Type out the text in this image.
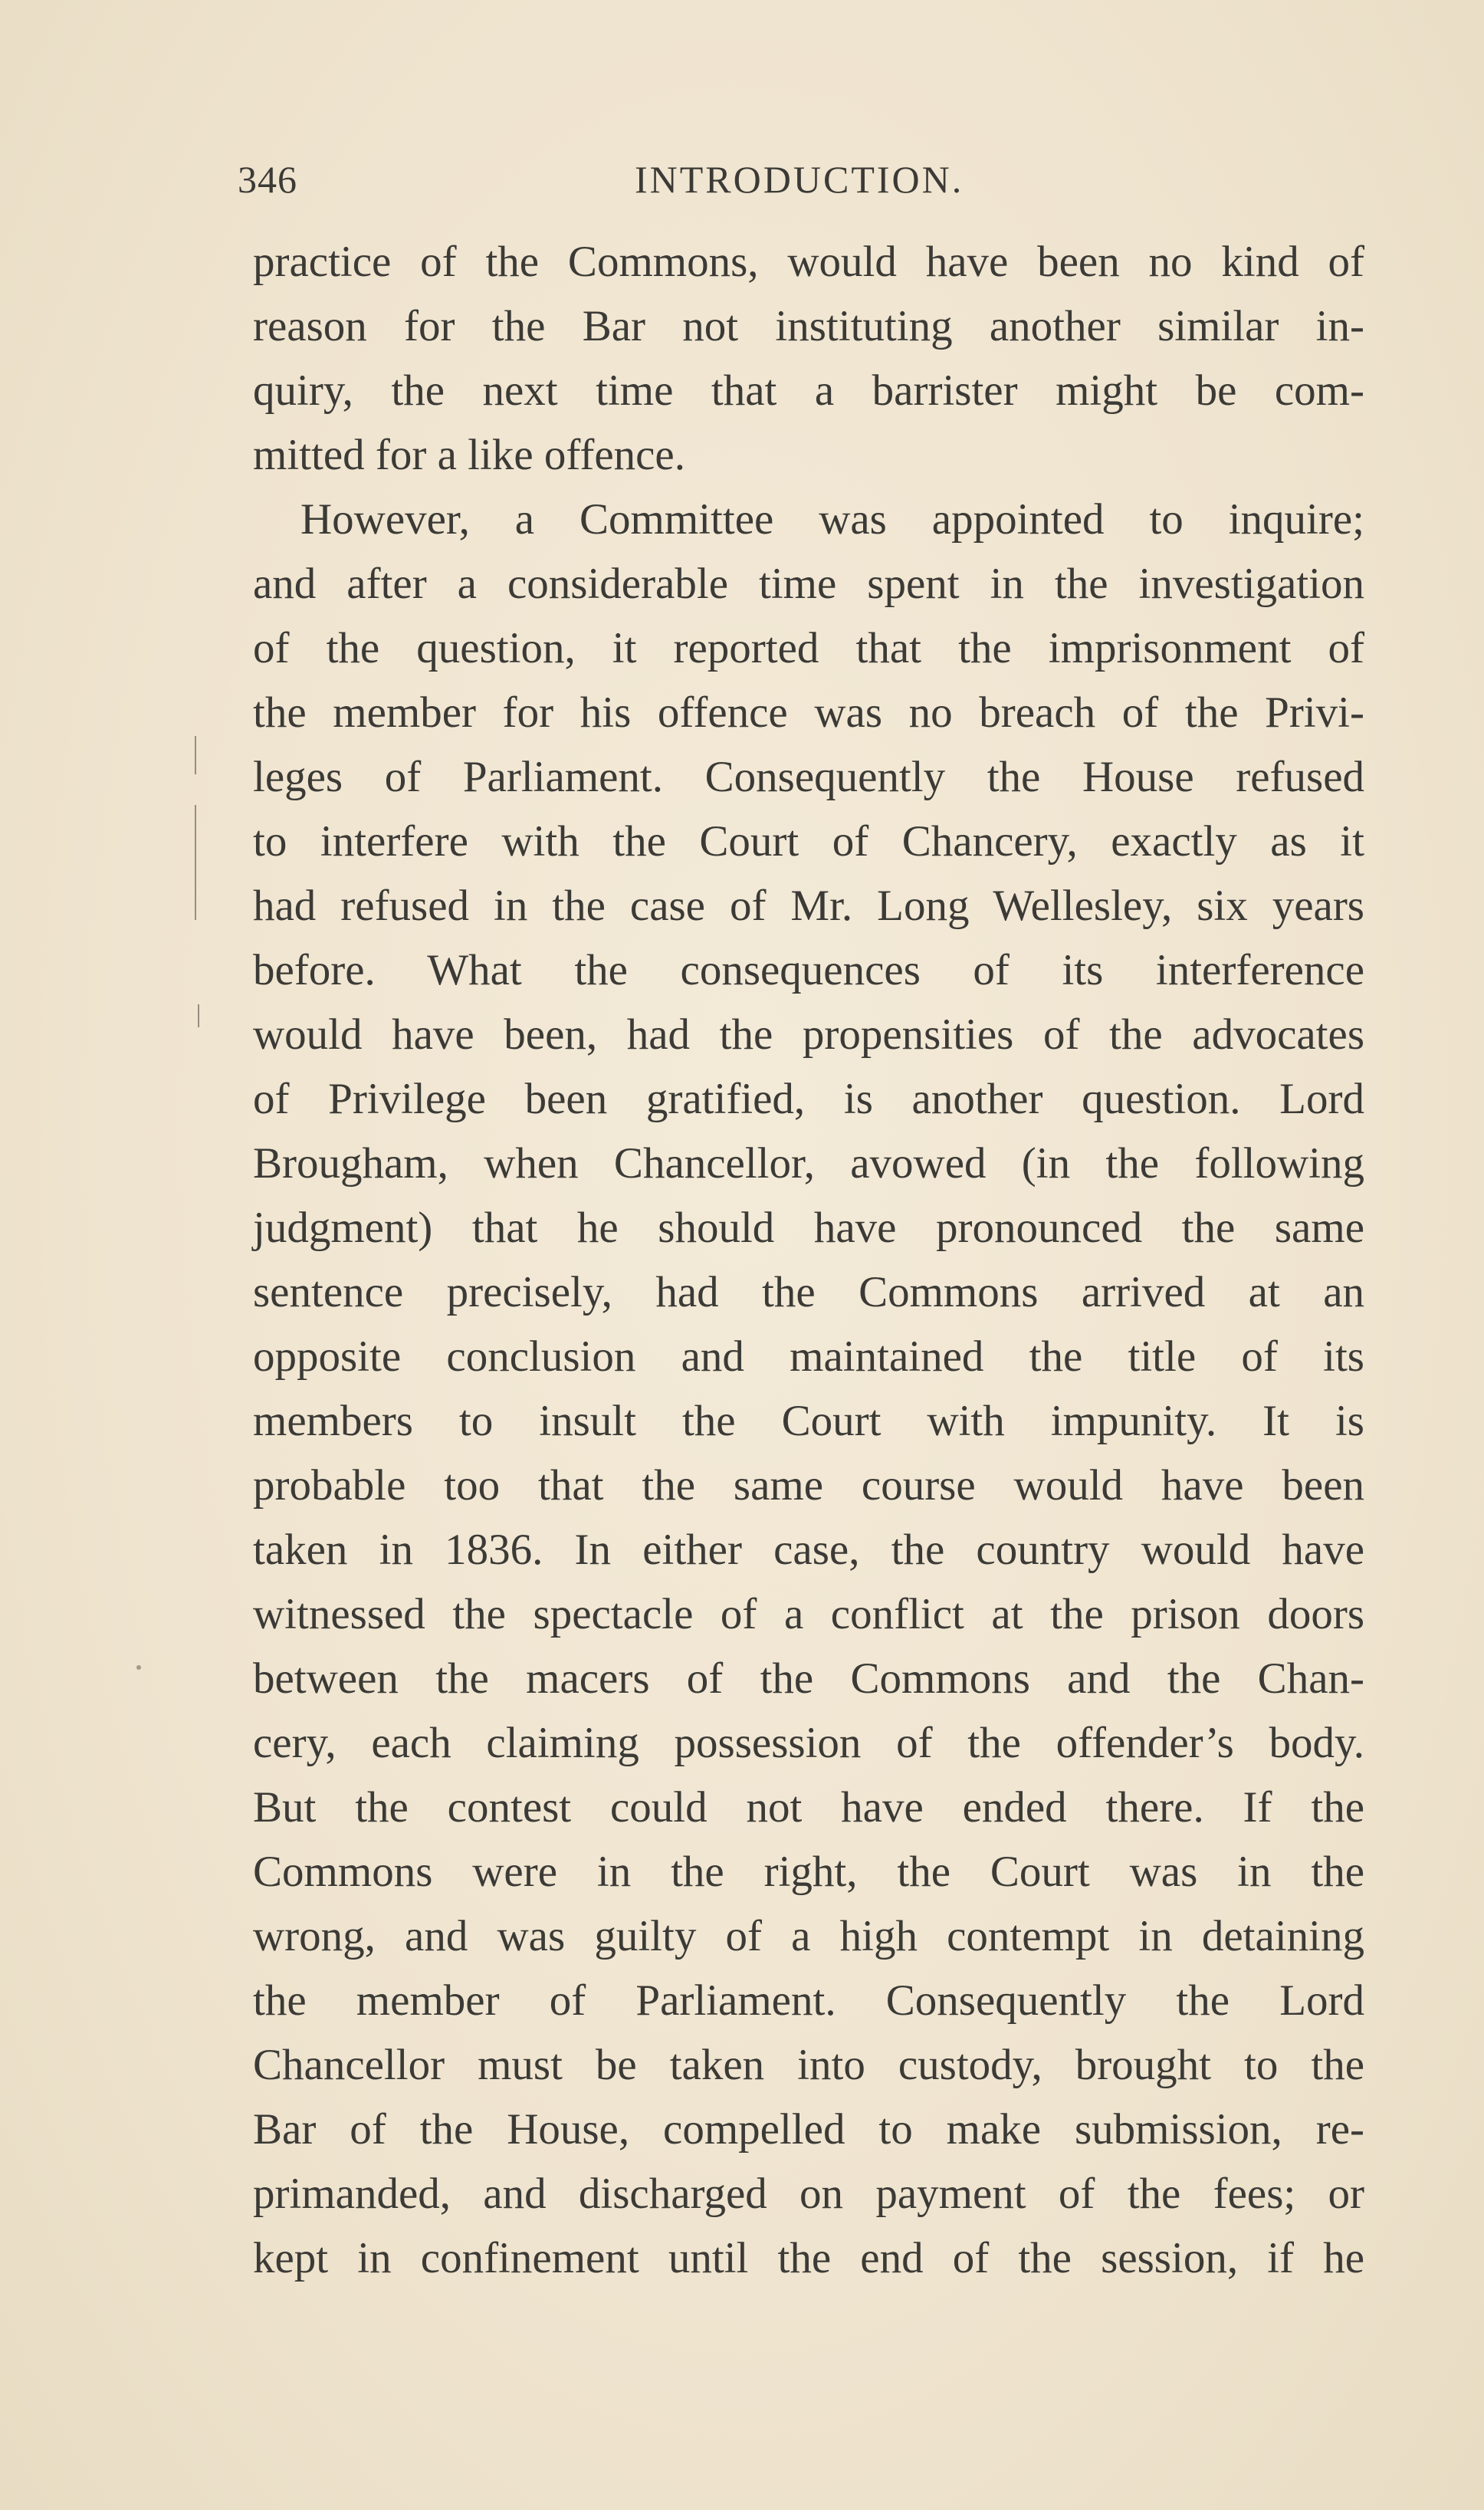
346	INTRODUCTION.
practice of the Commons, would have been no kind of
reason for the Bar not instituting another similar in-
quiry, the next time that a barrister might be com-
mitted for a like offence.
However, a Committee was appointed to inquire;
and after a considerable time spent in the investigation
of the question, it reported that the imprisonment of
the member for his offence was no breach of the Privi-
leges of Parliament. Consequently the House refused
to interfere with the Court of Chancery, exactly as it
had refused in the case of Mr. Long Wellesley, six years
before. What the consequences of its interference
would have been, had the propensities of the advocates
of Privilege been gratified, is another question. Lord
Brougham, when Chancellor, avowed (in the following
judgment) that he should have pronounced the same
sentence precisely, had the Commons arrived at an
opposite conclusion and maintained the title of its
members to insult the Court with impunity. It is
probable too that the same course would have been
taken in 1836. In either case, the country would have
witnessed the spectacle of a conflict at the prison doors
between the macers of the Commons and the Chan-
cery, each claiming possession of the offender’s body.
But the contest could not have ended there. If the
Commons were in the right, the Court was in the
wrong, and was guilty of a high contempt in detaining
the member of Parliament. Consequently the Lord
Chancellor must be taken into custody, brought to the
Bar of the House, compelled to make submission, re-
primanded, and discharged on payment of the fees; or
kept in confinement until the end of the session, if he
